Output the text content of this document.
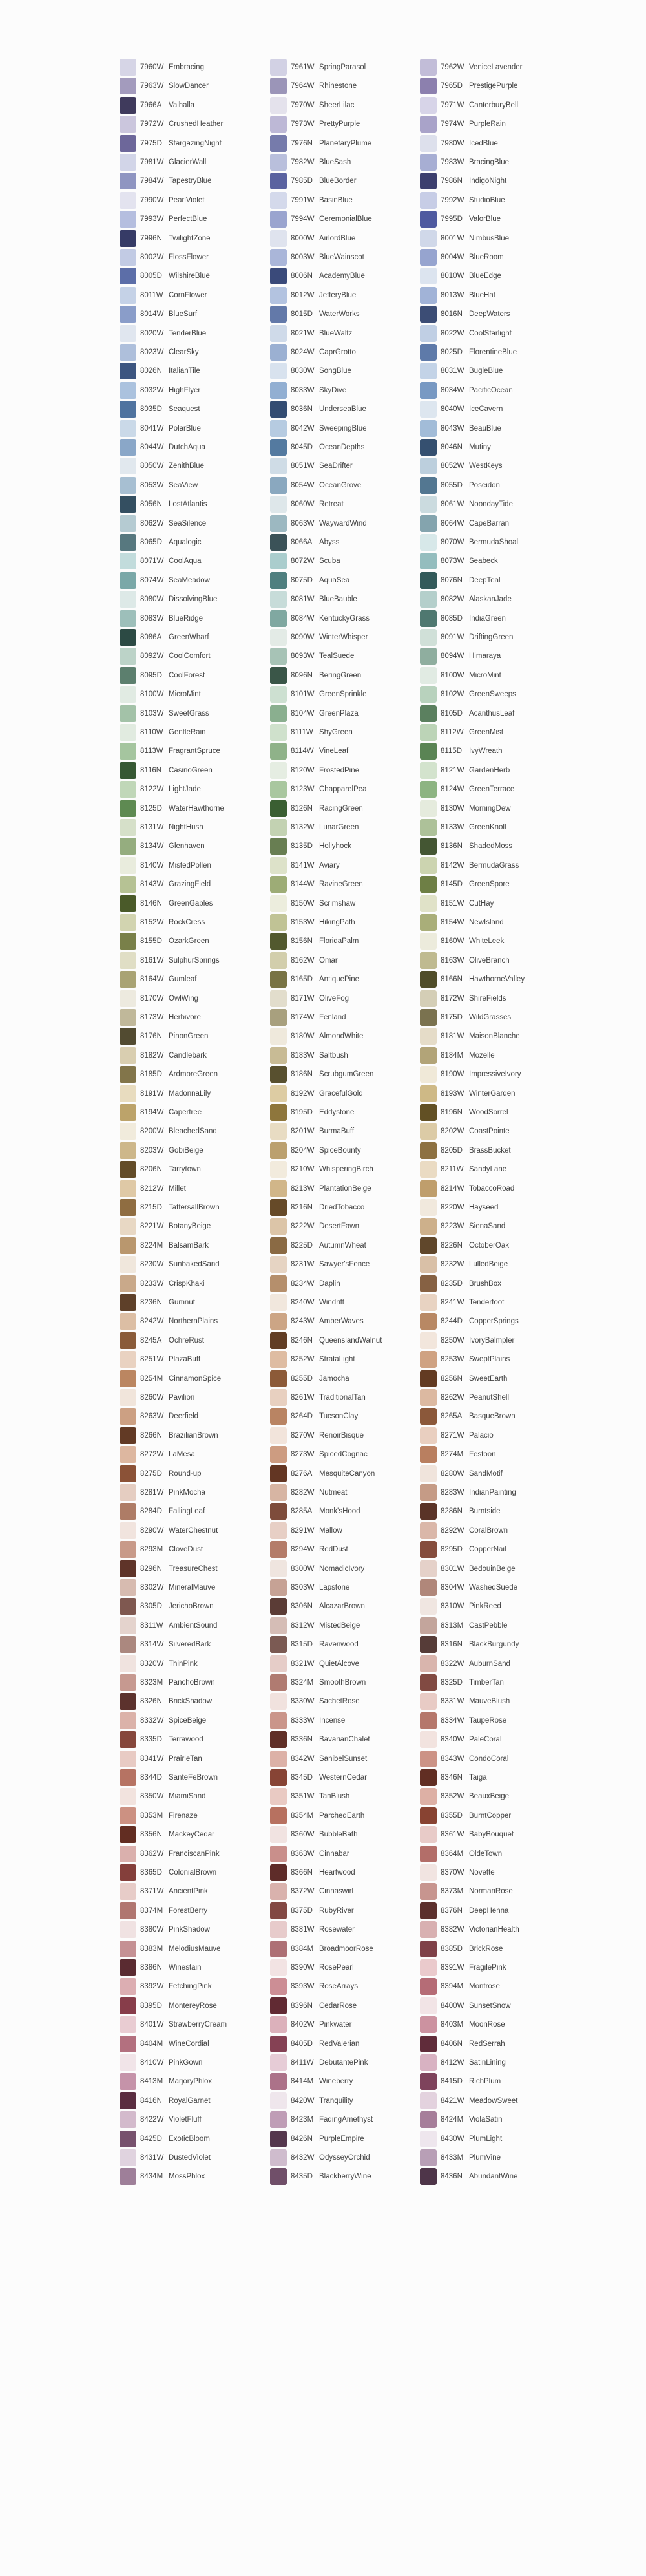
7960W Embracing	7961W SpringParasol	7962W VeniceLavender
7963W SlowDancer	7964W Rhinestone	7965D PrestigePurple
7966A Valhalla	7970W SheerLilac	7971W CanterburyBell
7972W CrushedHeather	7973W PrettyPurple	7974W PurpleRain
7975D StargazingNight	7976N PlanetaryPlume	7980W IcedBlue
7981W GlacierWall	7982W BlueSash	7983W BracingBlue
7984W TapestryBlue	7985D BlueBorder	7986N IndigoNight
7990W PearlViolet	7991W BasinBlue	7992W StudioBlue
7993W PerfectBlue	7994W CeremonialBlue	7995D ValorBlue
7996N TwilightZone	8000W AirlordBlue	8001W NimbusBlue
8002W FlossFlower	8003W BlueWainscot	8004W BlueRoom
8005D WilshireBlue	8006N AcademyBlue	8010W BlueEdge
8011W CornFlower	8012W JefferyBlue	8013W BlueHat
8014W BlueSurf	8015D WaterWorks	8016N DeepWaters
8020W TenderBlue	8021W BlueWaltz	8022W CoolStarlight
8023W ClearSky	8024W CaprGrotto	8025D FlorentineBlue
8026N ItalianTile	8030W SongBlue	8031W BugleBlue
8032W HighFlyer	8033W SkyDive	8034W PacificOcean
8035D Seaquest	8036N UnderseaBlue	8040W IceCavern
8041W PolarBlue	8042W SweepingBlue	8043W BeauBlue
8044W DutchAqua	8045D OceanDepths	8046N Mutiny
8050W ZenithBlue	8051W SeaDrifter	8052W WestKeys
8053W SeaView	8054W OceanGrove	8055D Poseidon
8056N LostAtlantis	8060W Retreat	8061W NoondayTide
8062W SeaSilence	8063W WaywardWind	8064W CapeBarran
8065D Aqualogic	8066A Abyss	8070W BermudaShoal
8071W CoolAqua	8072W Scuba	8073W Seabeck
8074W SeaMeadow	8075D AquaSea	8076N DeepTeal
8080W DissolvingBlue	8081W BlueBauble	8082W AlaskanJade
8083W BlueRidge	8084W KentuckyGrass	8085D IndiaGreen
8086A GreenWharf	8090W WinterWhisper	8091W DriftingGreen
8092W CoolComfort	8093W TealSuede	8094W Himaraya
8095D CoolForest	8096N BeringGreen	8100W MicroMint
8100W MicroMint	8101W GreenSprinkle	8102W GreenSweeps
8103W SweetGrass	8104W GreenPlaza	8105D AcanthusLeaf
8110W GentleRain	8111W ShyGreen	8112W GreenMist
8113W FragrantSpruce	8114W VineLeaf	8115D IvyWreath
8116N CasinoGreen	8120W FrostedPine	8121W GardenHerb
8122W LightJade	8123W ChapparelPea	8124W GreenTerrace
8125D WaterHawthorne	8126N RacingGreen	8130W MorningDew
8131W NightHush	8132W LunarGreen	8133W GreenKnoll
8134W Glenhaven	8135D Hollyhock	8136N ShadedMoss
8140W MistedPollen	8141W Aviary	8142W BermudaGrass
8143W GrazingField	8144W RavineGreen	8145D GreenSpore
8146N GreenGables	8150W Scrimshaw	8151W CutHay
8152W RockCress	8153W HikingPath	8154W NewIsland
8155D OzarkGreen	8156N FloridaPalm	8160W WhiteLeek
8161W SulphurSprings	8162W Omar	8163W OliveBranch
8164W Gumleaf	8165D AntiquePine	8166N HawthorneValley
8170W OwlWing	8171W OliveFog	8172W ShireFields
8173W Herbivore	8174W Fenland	8175D WildGrasses
8176N PinonGreen	8180W AlmondWhite	8181W MaisonBlanche
8182W Candlebark	8183W Saltbush	8184M Mozelle
8185D ArdmoreGreen	8186N ScrubgumGreen	8190W ImpressiveIvory
8191W MadonnaLily	8192W GracefulGold	8193W WinterGarden
8194W Capertree	8195D Eddystone	8196N WoodSorrel
8200W BleachedSand	8201W BurmaBuff	8202W CoastPointe
8203W GobiBeige	8204W SpiceBounty	8205D BrassBucket
8206N Tarrytown	8210W WhisperingBirch	8211W SandyLane
8212W Millet	8213W PlantationBeige	8214W TobaccoRoad
8215D TattersallBrown	8216N DriedTobacco	8220W Hayseed
8221W BotanyBeige	8222W DesertFawn	8223W SienaSand
8224M BalsamBark	8225D AutumnWheat	8226N OctoberOak
8230W SunbakedSand	8231W Sawyer'sFence	8232W LulledBeige
8233W CrispKhaki	8234W Daplin	8235D BrushBox
8236N Gumnut	8240W Windrift	8241W Tenderfoot
8242W NorthernPlains	8243W AmberWaves	8244D CopperSprings
8245A OchreRust	8246N QueenslandWalnut	8250W IvoryBalmpler
8251W PlazaBuff	8252W StrataLight	8253W SweptPlains
8254M CinnamonSpice	8255D Jamocha	8256N SweetEarth
8260W Pavilion	8261W TraditionalTan	8262W PeanutShell
8263W Deerfield	8264D TucsonClay	8265A BasqueBrown
8266N BrazilianBrown	8270W RenoirBisque	8271W Palacio
8272W LaMesa	8273W SpicedCognac	8274M Festoon
8275D Round-up	8276A MesquiteCanyon	8280W SandMotif
8281W PinkMocha	8282W Nutmeat	8283W IndianPainting
8284D FallingLeaf	8285A Monk'sHood	8286N Burntside
8290W WaterChestnut	8291W Mallow	8292W CoralBrown
8293M CloveDust	8294W RedDust	8295D CopperNail
8296N TreasureChest	8300W NomadicIvory	8301W BedouinBeige
8302W MineralMauve	8303W Lapstone	8304W WashedSuede
8305D JerichoBrown	8306N AlcazarBrown	8310W PinkReed
8311W AmbientSound	8312W MistedBeige	8313M CastPebble
8314W SilveredBark	8315D Ravenwood	8316N BlackBurgundy
8320W ThinPink	8321W QuietAlcove	8322W AuburnSand
8323M PanchoBrown	8324M SmoothBrown	8325D TimberTan
8326N BrickShadow	8330W SachetRose	8331W MauveBlush
8332W SpiceBeige	8333W Incense	8334W TaupeRose
8335D Terrawood	8336N BavarianChalet	8340W PaleCoral
8341W PrairieTan	8342W SanibelSunset	8343W CondoCoral
8344D SanteFeBrown	8345D WesternCedar	8346N Taiga
8350W MiamiSand	8351W TanBlush	8352W BeauxBeige
8353M Firenaze	8354M ParchedEarth	8355D BurntCopper
8356N MackeyCedar	8360W BubbleBath	8361W BabyBouquet
8362W FranciscanPink	8363W Cinnabar	8364M OldeTown
8365D ColonialBrown	8366N Heartwood	8370W Novette
8371W AncientPink	8372W Cinnaswirl	8373M NormanRose
8374M ForestBerry	8375D RubyRiver	8376N DeepHenna
8380W PinkShadow	8381W Rosewater	8382W VictorianHealth
8383M MelodiusMauve	8384M BroadmoorRose	8385D BrickRose
8386N Winestain	8390W RosePearl	8391W FragilePink
8392W FetchingPink	8393W RoseArrays	8394M Montrose
8395D MontereyRose	8396N CedarRose	8400W SunsetSnow
8401W StrawberryCream	8402W Pinkwater	8403M MoonRose
8404M WineCordial	8405D RedValerian	8406N RedSerrah
8410W PinkGown	8411W DebutantePink	8412W SatinLining
8413M MarjoryPhlox	8414M Wineberry	8415D RichPlum
8416N RoyalGarnet	8420W Tranquility	8421W MeadowSweet
8422W VioletFluff	8423M FadingAmethyst	8424M ViolaSatin
8425D ExoticBloom	8426N PurpleEmpire	8430W PlumLight
8431W DustedViolet	8432W OdysseyOrchid	8433M PlumVine
8434M MossPhlox	8435D BlackberryWine	8436N AbundantWine
